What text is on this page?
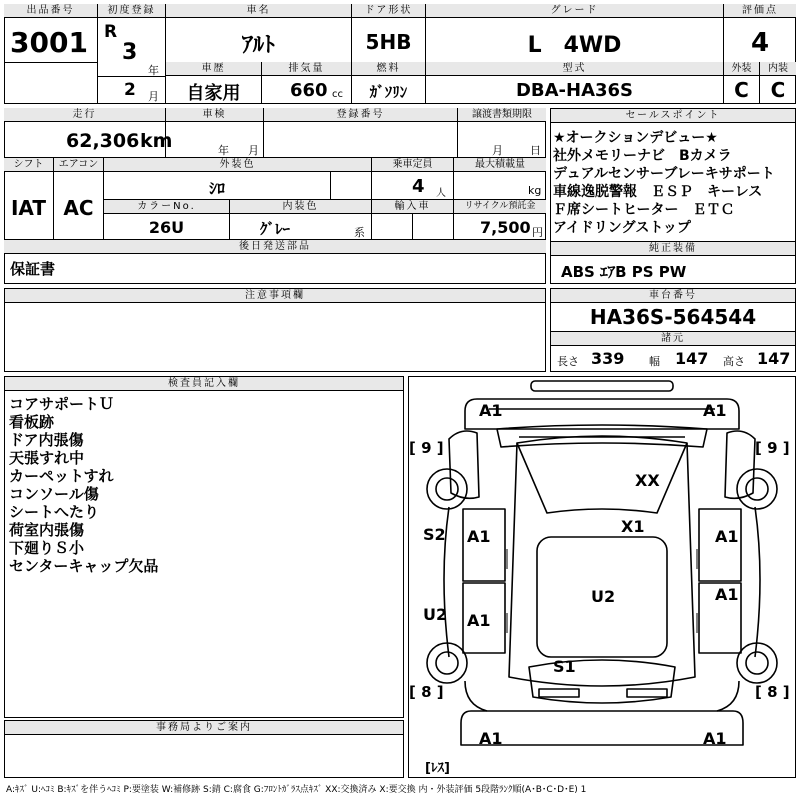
出品番号
3001
初度登録
R
3
年
2 月
車名
ｱﾙﾄ
ドア形状
5HB
グレード
L　4WD
評価点
4
車歴
自家用
排気量
660 cc
燃料
ｶﾞｿﾘﾝ
型式
DBA-HA36S
外装
C
内装
C
走行
62,306 km
車検
年 月
登録番号	譲渡書類期限
月 日
シフト
IAT
エアコン
AC
外装色
ｼﾛ
乗車定員
4 人
最大積載量
kg
カラーNo.
26U
内装色
ｸﾞﾚｰ	系
輸入車	リサイクル預託金
7,500 円
後日発送部品
保証書
セールスポイント
★オークションデビュー★
社外メモリーナビ　Bカメラ
デュアルセンサーブレーキサポート
車線逸脱警報　ＥＳＰ　キーレス
Ｆ席シートヒーター　ＥＴＣ
アイドリングストップ
純正装備
ABS ｴｱB PS PW
注意事項欄	車台番号
HA36S-564544
諸元
長さ 339 幅 147 高さ 147
検査員記入欄
コアサポートＵ
看板跡
ドア内張傷
天張すれ中
カーペットすれ
コンソール傷
シートへたり
荷室内張傷
下廻りＳ小
センターキャップ欠品
事務局よりご案内
A1	A1
[ 9 ]	[ 9 ]
XX
X1
S2 A1	A1
U2	A1
U2 A1
S1
[ 8 ]	[ 8 ]
A1	A1
[ﾚｽ]
A:ｷｽﾞ U:ﾍｺﾐ B:ｷｽﾞを伴うﾍｺﾐ P:要塗装 W:補修跡 S:錆 C:腐食 G:ﾌﾛﾝﾄｶﾞﾗｽ点ｷｽﾞ XX:交換済み X:要交換 内・外装評価 5段階ﾗﾝｸ順(A･B･C･D･E) 1
